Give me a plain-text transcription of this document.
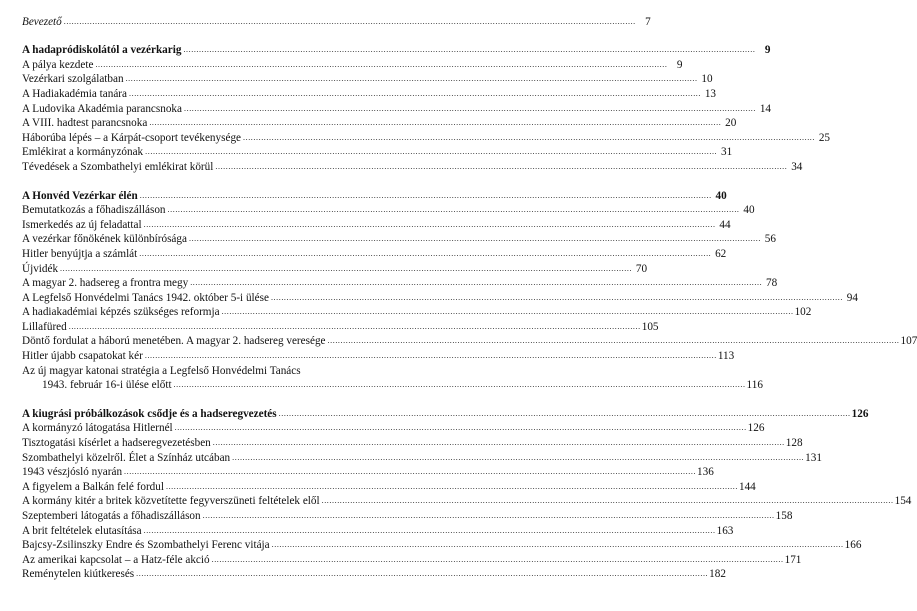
Bevezető ............................................................................................................................................................................................................................ 7
A hadapródiskolától a vezérkarig ............................................................................................................................................................................................................................ 9
A pálya kezdete ............................................................................................................................................................................................................................ 9
Vezérkari szolgálatban ............................................................................................................................................................................................................................ 10
A Hadiakadémia tanára ............................................................................................................................................................................................................................ 13
A Ludovika Akadémia parancsnoka ............................................................................................................................................................................................................................ 14
A VIII. hadtest parancsnoka ............................................................................................................................................................................................................................ 20
Háborúba lépés – a Kárpát-csoport tevékenysége ............................................................................................................................................................................................................................ 25
Emlékirat a kormányzónak ............................................................................................................................................................................................................................ 31
Tévedések a Szombathelyi emlékirat körül ............................................................................................................................................................................................................................ 34
A Honvéd Vezérkar élén ............................................................................................................................................................................................................................ 40
Bemutatkozás a főhadiszálláson ............................................................................................................................................................................................................................ 40
Ismerkedés az új feladattal ............................................................................................................................................................................................................................ 44
A vezérkar főnökének különbírósága ............................................................................................................................................................................................................................ 56
Hitler benyújtja a számlát ............................................................................................................................................................................................................................ 62
Újvidék ............................................................................................................................................................................................................................ 70
A magyar 2. hadsereg a frontra megy ............................................................................................................................................................................................................................ 78
A Legfelső Honvédelmi Tanács 1942. október 5-i ülése ............................................................................................................................................................................................................................ 94
A hadiakadémiai képzés szükséges reformja ............................................................................................................................................................................................................................ 102
Lillafüred ............................................................................................................................................................................................................................ 105
Döntő fordulat a háború menetében. A magyar 2. hadsereg veresége ............................................................................................................................................................................................................................ 107
Hitler újabb csapatokat kér ............................................................................................................................................................................................................................ 113
Az új magyar katonai stratégia a Legfelső Honvédelmi Tanács
1943. február 16-i ülése előtt ............................................................................................................................................................................................................................ 116
A kiugrási próbálkozások csődje és a hadseregvezetés ............................................................................................................................................................................................................................ 126
A kormányzó látogatása Hitlernél ............................................................................................................................................................................................................................ 126
Tisztogatási kísérlet a hadseregvezetésben ............................................................................................................................................................................................................................ 128
Szombathelyi közelről. Élet a Színház utcában ............................................................................................................................................................................................................................ 131
1943 vészjósló nyarán ............................................................................................................................................................................................................................ 136
A figyelem a Balkán felé fordul ............................................................................................................................................................................................................................ 144
A kormány kitér a britek közvetítette fegyverszüneti feltételek elől ............................................................................................................................................................................................................................ 154
Szeptemberi látogatás a főhadiszálláson ............................................................................................................................................................................................................................ 158
A brit feltételek elutasítása ............................................................................................................................................................................................................................ 163
Bajcsy-Zsilinszky Endre és Szombathelyi Ferenc vitája ............................................................................................................................................................................................................................ 166
Az amerikai kapcsolat – a Hatz-féle akció ............................................................................................................................................................................................................................ 171
Reménytelen kiútkeresés ............................................................................................................................................................................................................................ 182
